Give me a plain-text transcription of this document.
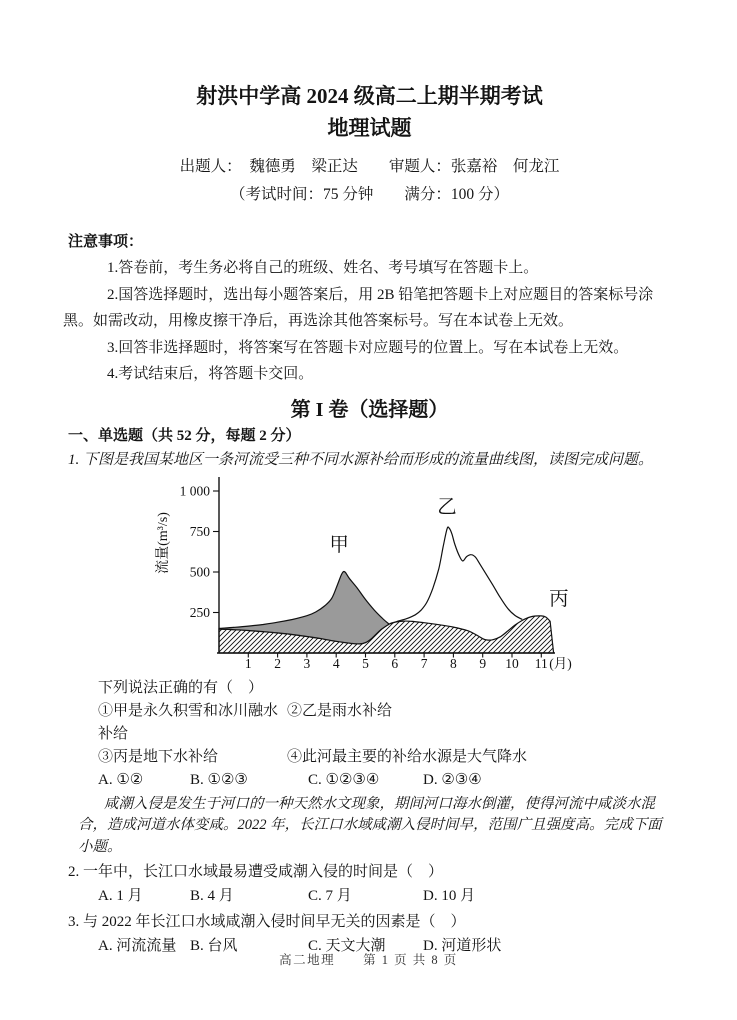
射洪中学高 2024 级高二上期半期考试
地理试题
出题人：　魏德勇　梁正达　　审题人：张嘉裕　何龙江
（考试时间：75 分钟　　满分：100 分）
注意事项：
1.答卷前，考生务必将自己的班级、姓名、考号填写在答题卡上。
2.国答选择题时，选出每小题答案后，用 2B 铅笔把答题卡上对应题目的答案标号涂黑。如需改动，用橡皮擦干净后，再选涂其他答案标号。写在本试卷上无效。
3.回答非选择题时，将答案写在答题卡对应题号的位置上。写在本试卷上无效。
4.考试结束后，将答题卡交回。
第 I 卷（选择题）
一、单选题（共 52 分，每题 2 分）
1. 下图是我国某地区一条河流受三种不同水源补给而形成的流量曲线图，读图完成问题。
1 2 3 4 5 6 7 8 9 10 11 (月)
250
500
750
1 000
流量(m³/s)	甲
乙
丙
下列说法正确的有（　）
①甲是永久积雪和冰川融水补给
②乙是雨水补给
③丙是地下水补给	④此河最主要的补给水源是大气降水
A. ①②	B. ①②③	C. ①②③④	D. ②③④
咸潮入侵是发生于河口的一种天然水文现象，期间河口海水倒灌，使得河流中咸淡水混合，造成河道水体变咸。2022 年，长江口水域咸潮入侵时间早，范围广且强度高。完成下面小题。
2. 一年中，长江口水域最易遭受咸潮入侵的时间是（　）
A. 1 月	B. 4 月	C. 7 月	D. 10 月
3. 与 2022 年长江口水域咸潮入侵时间早无关的因素是（　）
A. 河流流量 B. 台风	C. 天文大潮	D. 河道形状
高二地理　　第 1 页 共 8 页
